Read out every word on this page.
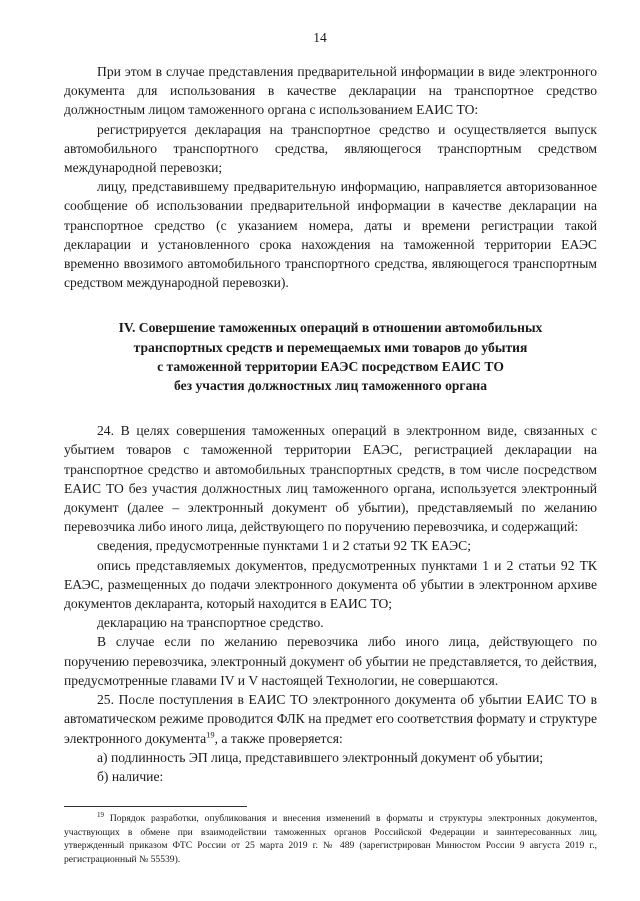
14

При этом в случае представления предварительной информации в виде электронного документа для использования в качестве декларации на транспортное средство должностным лицом таможенного органа с использованием ЕАИС ТО:

регистрируется декларация на транспортное средство и осуществляется выпуск автомобильного транспортного средства, являющегося транспортным средством международной перевозки;

лицу, представившему предварительную информацию, направляется авторизованное сообщение об использовании предварительной информации в качестве декларации на транспортное средство (с указанием номера, даты и времени регистрации такой декларации и установленного срока нахождения на таможенной территории ЕАЭС временно ввозимого автомобильного транспортного средства, являющегося транспортным средством международной перевозки).

IV. Совершение таможенных операций в отношении автомобильных
транспортных средств и перемещаемых ими товаров до убытия
с таможенной территории ЕАЭС посредством ЕАИС ТО
без участия должностных лиц таможенного органа

24. В целях совершения таможенных операций в электронном виде, связанных с убытием товаров с таможенной территории ЕАЭС, регистрацией декларации на транспортное средство и автомобильных транспортных средств, в том числе посредством ЕАИС ТО без участия должностных лиц таможенного органа, используется электронный документ (далее – электронный документ об убытии), представляемый по желанию перевозчика либо иного лица, действующего по поручению перевозчика, и содержащий:

сведения, предусмотренные пунктами 1 и 2 статьи 92 ТК ЕАЭС;

опись представляемых документов, предусмотренных пунктами 1 и 2 статьи 92 ТК ЕАЭС, размещенных до подачи электронного документа об убытии в электронном архиве документов декларанта, который находится в ЕАИС ТО;

декларацию на транспортное средство.

В случае если по желанию перевозчика либо иного лица, действующего по поручению перевозчика, электронный документ об убытии не представляется, то действия, предусмотренные главами IV и V настоящей Технологии, не совершаются.

25. После поступления в ЕАИС ТО электронного документа об убытии ЕАИС ТО в автоматическом режиме проводится ФЛК на предмет его соответствия формату и структуре электронного документа$^{19}$, а также проверяется:

а) подлинность ЭП лица, представившего электронный документ об убытии;

б) наличие:

$^{19}$ Порядок разработки, опубликования и внесения изменений в форматы и структуры электронных документов, участвующих в обмене при взаимодействии таможенных органов Российской Федерации и заинтересованных лиц, утвержденный приказом ФТС России от 25 марта 2019 г. № 489 (зарегистрирован Минюстом России 9 августа 2019 г., регистрационный № 55539).
